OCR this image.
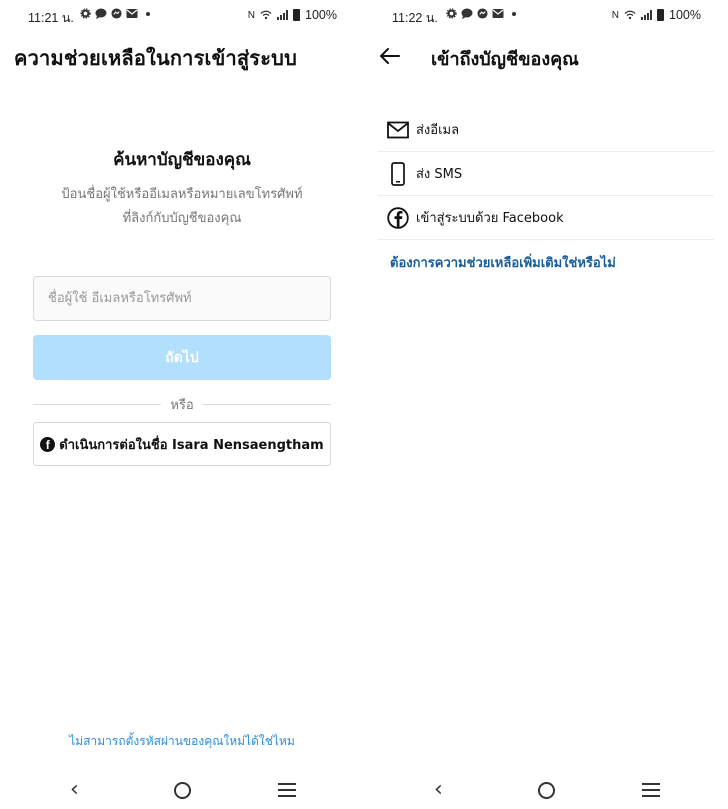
11:21 น.	N	100%
ความช่วยเหลือในการเข้าสู่ระบบ
ค้นหาบัญชีของคุณ
ป้อนชื่อผู้ใช้หรืออีเมลหรือหมายเลขโทรศัพท์
ที่ลิงก์กับบัญชีของคุณ
ชื่อผู้ใช้ อีเมลหรือโทรศัพท์
ถัดไป
หรือ
f ดำเนินการต่อในชื่อ Isara Nensaengtham
ไม่สามารถตั้งรหัสผ่านของคุณใหม่ได้ใช่ไหม
‹
11:22 น.	N	100%
เข้าถึงบัญชีของคุณ
ส่งอีเมล
ส่ง SMS
เข้าสู่ระบบด้วย Facebook
ต้องการความช่วยเหลือเพิ่มเติมใช่หรือไม่
‹
